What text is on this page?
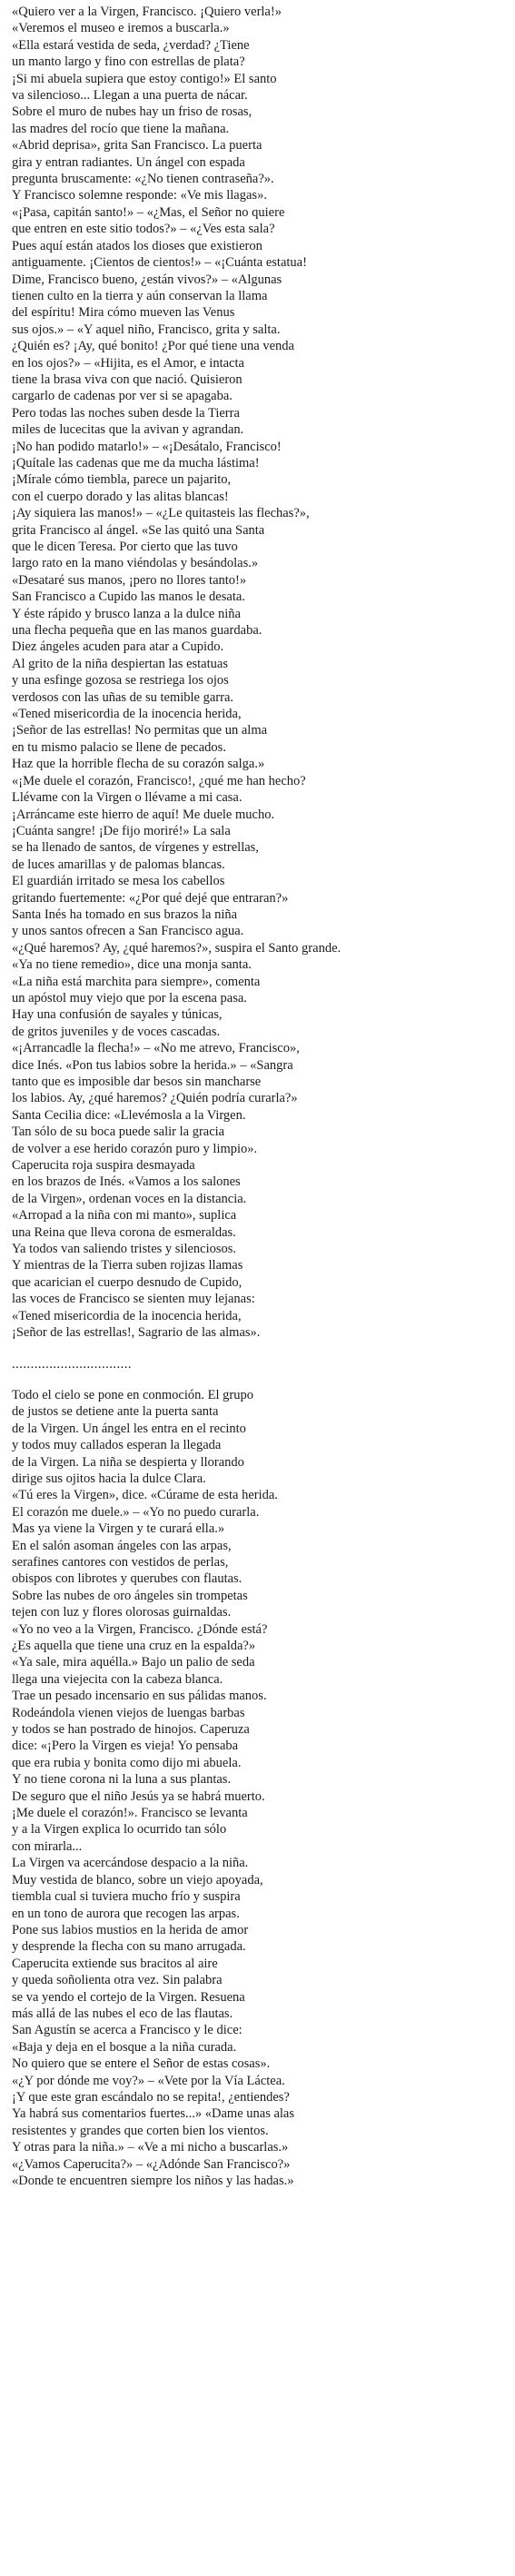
«Quiero ver a la Virgen, Francisco. ¡Quiero verla!»
«Veremos el museo e iremos a buscarla.»
«Ella estará vestida de seda, ¿verdad? ¿Tiene
un manto largo y fino con estrellas de plata?
¡Si mi abuela supiera que estoy contigo!» El santo
va silencioso... Llegan a una puerta de nácar.
Sobre el muro de nubes hay un friso de rosas,
las madres del rocío que tiene la mañana.
«Abrid deprisa», grita San Francisco. La puerta
gira y entran radiantes. Un ángel con espada
pregunta bruscamente: «¿No tienen contraseña?».
Y Francisco solemne responde: «Ve mis llagas».
«¡Pasa, capitán santo!» – «¿Mas, el Señor no quiere
que entren en este sitio todos?» – «¿Ves esta sala?
Pues aquí están atados los dioses que existieron
antiguamente. ¡Cientos de cientos!» – «¡Cuánta estatua!
Dime, Francisco bueno, ¿están vivos?» – «Algunas
tienen culto en la tierra y aún conservan la llama
del espíritu! Mira cómo mueven las Venus
sus ojos.» – «Y aquel niño, Francisco, grita y salta.
¿Quién es? ¡Ay, qué bonito! ¿Por qué tiene una venda
en los ojos?» – «Hijita, es el Amor, e intacta
tiene la brasa viva con que nació. Quisieron
cargarlo de cadenas por ver si se apagaba.
Pero todas las noches suben desde la Tierra
miles de lucecitas que la avivan y agrandan.
¡No han podido matarlo!» – «¡Desátalo, Francisco!
¡Quítale las cadenas que me da mucha lástima!
¡Mírale cómo tiembla, parece un pajarito,
con el cuerpo dorado y las alitas blancas!
¡Ay siquiera las manos!» – «¿Le quitasteis las flechas?»,
grita Francisco al ángel. «Se las quitó una Santa
que le dicen Teresa. Por cierto que las tuvo
largo rato en la mano viéndolas y besándolas.»
«Desataré sus manos, ¡pero no llores tanto!»
San Francisco a Cupido las manos le desata.
Y éste rápido y brusco lanza a la dulce niña
una flecha pequeña que en las manos guardaba.
Diez ángeles acuden para atar a Cupido.
Al grito de la niña despiertan las estatuas
y una esfinge gozosa se restriega los ojos
verdosos con las uñas de su temible garra.
«Tened misericordia de la inocencia herida,
¡Señor de las estrellas! No permitas que un alma
en tu mismo palacio se llene de pecados.
Haz que la horrible flecha de su corazón salga.»
«¡Me duele el corazón, Francisco!, ¿qué me han hecho?
Llévame con la Virgen o llévame a mi casa.
¡Arráncame este hierro de aquí! Me duele mucho.
¡Cuánta sangre! ¡De fijo moriré!» La sala
se ha llenado de santos, de vírgenes y estrellas,
de luces amarillas y de palomas blancas.
El guardián irritado se mesa los cabellos
gritando fuertemente: «¿Por qué dejé que entraran?»
Santa Inés ha tomado en sus brazos la niña
y unos santos ofrecen a San Francisco agua.
«¿Qué haremos? Ay, ¿qué haremos?», suspira el Santo grande.
«Ya no tiene remedio», dice una monja santa.
«La niña está marchita para siempre», comenta
un apóstol muy viejo que por la escena pasa.
Hay una confusión de sayales y túnicas,
de gritos juveniles y de voces cascadas.
«¡Arrancadle la flecha!» – «No me atrevo, Francisco»,
dice Inés. «Pon tus labios sobre la herida.» – «Sangra
tanto que es imposible dar besos sin mancharse
los labios. Ay, ¿qué haremos? ¿Quién podría curarla?»
Santa Cecilia dice: «Llevémosla a la Virgen.
Tan sólo de su boca puede salir la gracia
de volver a ese herido corazón puro y limpio».
Caperucita roja suspira desmayada
en los brazos de Inés. «Vamos a los salones
de la Virgen», ordenan voces en la distancia.
«Arropad a la niña con mi manto», suplica
una Reina que lleva corona de esmeraldas.
Ya todos van saliendo tristes y silenciosos.
Y mientras de la Tierra suben rojizas llamas
que acarician el cuerpo desnudo de Cupido,
las voces de Francisco se sienten muy lejanas:
«Tened misericordia de la inocencia herida,
¡Señor de las estrellas!, Sagrario de las almas».
................................
Todo el cielo se pone en conmoción. El grupo
de justos se detiene ante la puerta santa
de la Virgen. Un ángel les entra en el recinto
y todos muy callados esperan la llegada
de la Virgen. La niña se despierta y llorando
dirige sus ojitos hacia la dulce Clara.
«Tú eres la Virgen», dice. «Cúrame de esta herida.
El corazón me duele.» – «Yo no puedo curarla.
Mas ya viene la Virgen y te curará ella.»
En el salón asoman ángeles con las arpas,
serafines cantores con vestidos de perlas,
obispos con librotes y querubes con flautas.
Sobre las nubes de oro ángeles sin trompetas
tejen con luz y flores olorosas guirnaldas.
«Yo no veo a la Virgen, Francisco. ¿Dónde está?
¿Es aquella que tiene una cruz en la espalda?»
«Ya sale, mira aquélla.» Bajo un palio de seda
llega una viejecita con la cabeza blanca.
Trae un pesado incensario en sus pálidas manos.
Rodeándola vienen viejos de luengas barbas
y todos se han postrado de hinojos. Caperuza
dice: «¡Pero la Virgen es vieja! Yo pensaba
que era rubia y bonita como dijo mi abuela.
Y no tiene corona ni la luna a sus plantas.
De seguro que el niño Jesús ya se habrá muerto.
¡Me duele el corazón!». Francisco se levanta
y a la Virgen explica lo ocurrido tan sólo
con mirarla...
La Virgen va acercándose despacio a la niña.
Muy vestida de blanco, sobre un viejo apoyada,
tiembla cual si tuviera mucho frío y suspira
en un tono de aurora que recogen las arpas.
Pone sus labios mustios en la herida de amor
y desprende la flecha con su mano arrugada.
Caperucita extiende sus bracitos al aire
y queda soñolienta otra vez. Sin palabra
se va yendo el cortejo de la Virgen. Resuena
más allá de las nubes el eco de las flautas.
San Agustín se acerca a Francisco y le dice:
«Baja y deja en el bosque a la niña curada.
No quiero que se entere el Señor de estas cosas».
«¿Y por dónde me voy?» – «Vete por la Vía Láctea.
¡Y que este gran escándalo no se repita!, ¿entiendes?
Ya habrá sus comentarios fuertes...» «Dame unas alas
resistentes y grandes que corten bien los vientos.
Y otras para la niña.» – «Ve a mi nicho a buscarlas.»
«¿Vamos Caperucita?» – «¿Adónde San Francisco?»
«Donde te encuentren siempre los niños y las hadas.»
